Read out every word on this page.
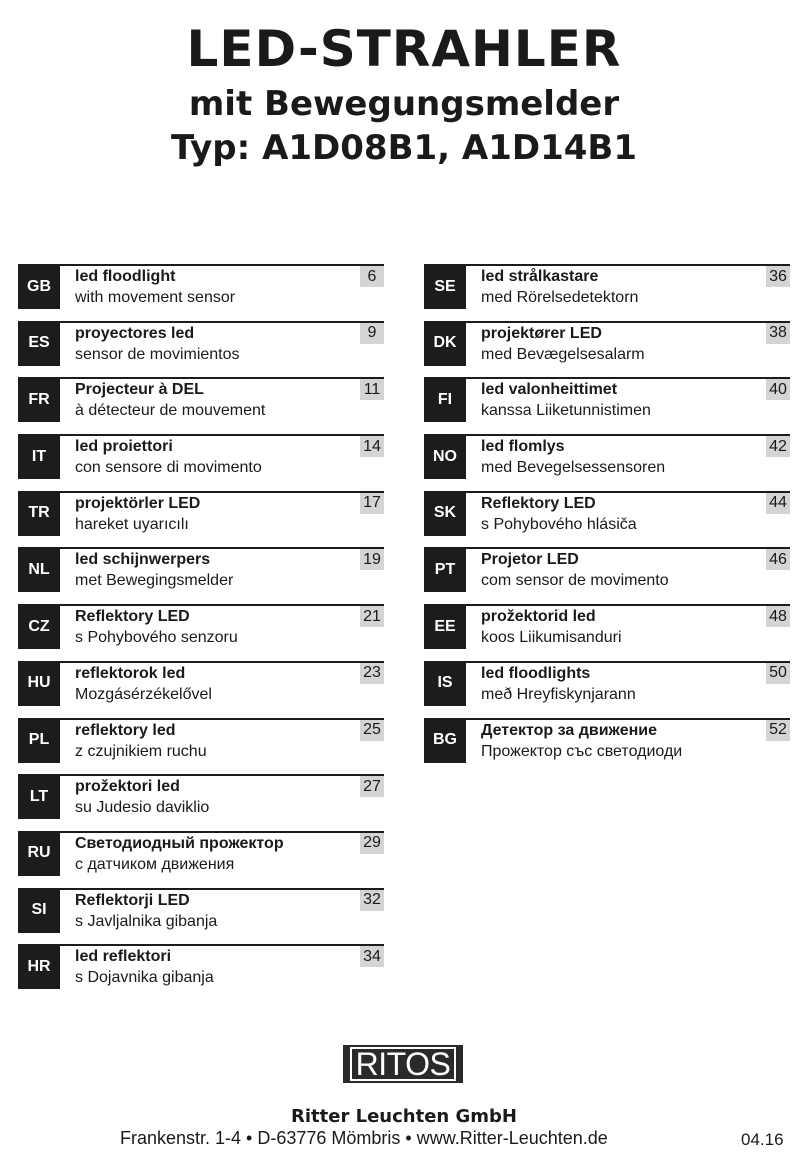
LED-STRAHLER
mit Bewegungsmelder
Typ: A1D08B1, A1D14B1
GB
6
led floodlight
with movement sensor
ES
9
proyectores led
sensor de movimientos
FR
11
Projecteur à DEL
à détecteur de mouvement
IT
14
led proiettori
con sensore di movimento
TR
17
projektörler LED
hareket uyarıcılı
NL
19
led schijnwerpers
met Bewegingsmelder
CZ
21
Reflektory LED
s Pohybového senzoru
HU
23
reflektorok led
Mozgásérzékelővel
PL
25
reflektory led
z czujnikiem ruchu
LT
27
prožektori led
su Judesio daviklio
RU
29
Светодиодный прожектор
с датчиком движения
SI
32
Reflektorji LED
s Javljalnika gibanja
HR
34
led reflektori
s Dojavnika gibanja
SE
36
led strålkastare
med Rörelsedetektorn
DK
38
projektører LED
med Bevægelsesalarm
FI
40
led valonheittimet
kanssa Liiketunnistimen
NO
42
led flomlys
med Bevegelsessensoren
SK
44
Reflektory LED
s Pohybového hlásiča
PT
46
Projetor LED
com sensor de movimento
EE
48
prožektorid led
koos Liikumisanduri
IS
50
led floodlights
með Hreyfiskynjarann
BG
52
Детектор за движение
Прожектор със светодиоди
RITOS
Ritter Leuchten GmbH
Frankenstr. 1-4 • D-63776 Mömbris • www.Ritter-Leuchten.de	04.16
